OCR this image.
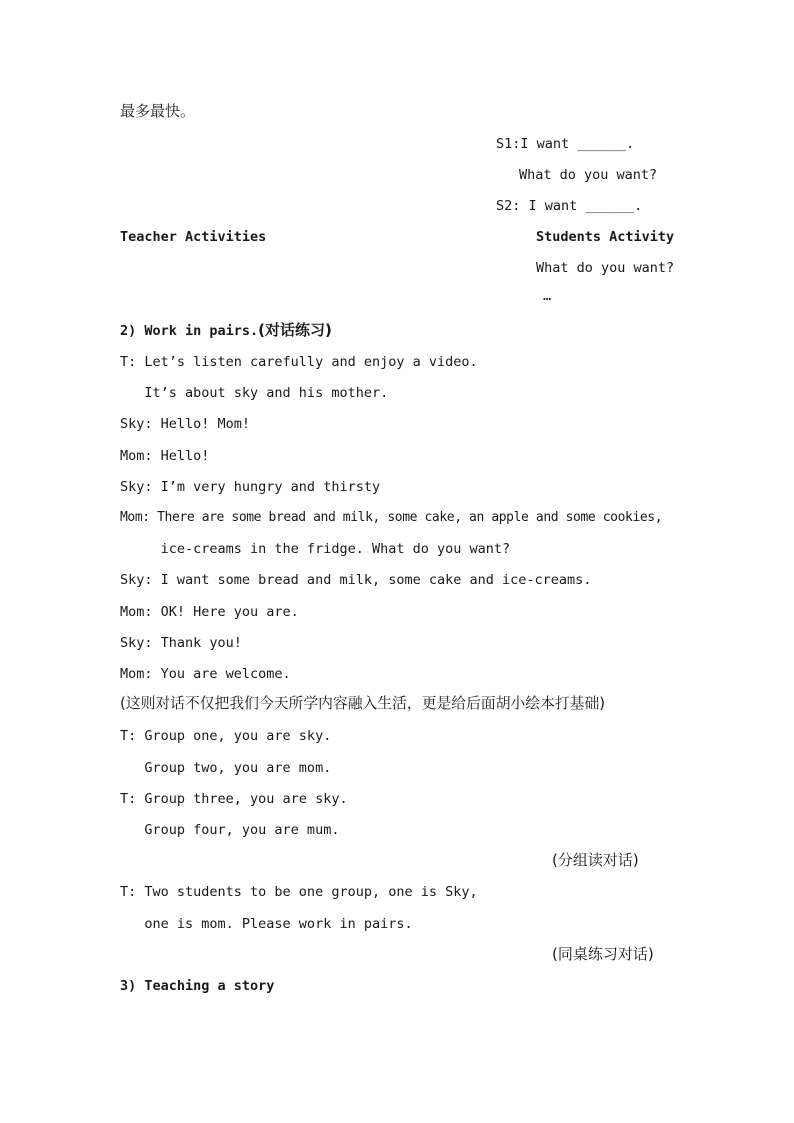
最多最快。
S1:I want ______.
What do you want?
S2: I want ______.
Teacher Activities	Students Activity
What do you want?
…
2) Work in pairs.(对话练习)
T: Let’s listen carefully and enjoy a video.
It’s about sky and his mother.
Sky: Hello! Mom!
Mom: Hello!
Sky: I’m very hungry and thirsty
Mom: There are some bread and milk, some cake, an apple and some cookies,
ice-creams in the fridge. What do you want?
Sky: I want some bread and milk, some cake and ice-creams.
Mom: OK! Here you are.
Sky: Thank you!
Mom: You are welcome.
(这则对话不仅把我们今天所学内容融入生活，更是给后面胡小绘本打基础)
T: Group one, you are sky.
Group two, you are mom.
T: Group three, you are sky.
Group four, you are mum.
(分组读对话)
T: Two students to be one group, one is Sky,
one is mom. Please work in pairs.
(同桌练习对话)
3) Teaching a story
